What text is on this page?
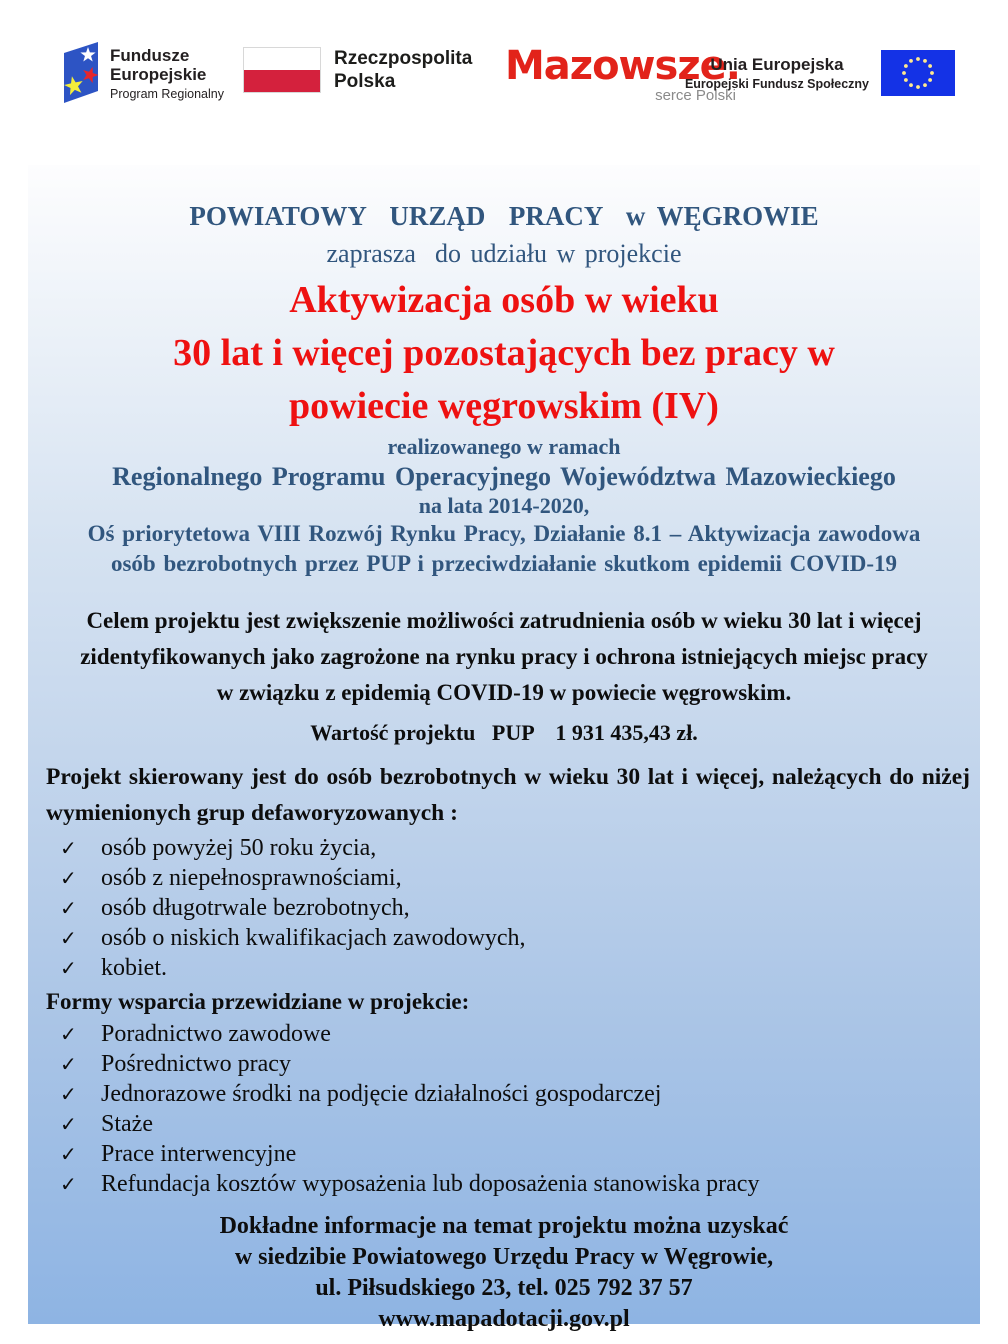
Fundusze
Europejskie
Program Regionalny
Rzeczpospolita
Polska	Mazowsze.
serce Polski
Unia Europejska
Europejski Fundusz Społeczny
POWIATOWY  URZĄD  PRACY  w WĘGROWIE
zaprasza  do udziału w projekcie
Aktywizacja osób w wieku
30 lat i więcej pozostających bez pracy w
powiecie węgrowskim (IV)
realizowanego w ramach
Regionalnego Programu Operacyjnego Województwa Mazowieckiego
na lata 2014-2020,
Oś priorytetowa VIII Rozwój Rynku Pracy, Działanie 8.1 – Aktywizacja zawodowa
osób bezrobotnych przez PUP i przeciwdziałanie skutkom epidemii COVID-19
Celem projektu jest zwiększenie możliwości zatrudnienia osób w wieku 30 lat i więcej
zidentyfikowanych jako zagrożone na rynku pracy i ochrona istniejących miejsc pracy
w związku z epidemią COVID-19 w powiecie węgrowskim.
Wartość projektu   PUP    1 931 435,43 zł.
Projekt skierowany jest do osób bezrobotnych w wieku 30 lat i więcej, należących do niżej wymienionych grup defaworyzowanych :
✓ osób powyżej 50 roku życia,
✓ osób z niepełnosprawnościami,
✓ osób długotrwale bezrobotnych,
✓ osób o niskich kwalifikacjach zawodowych,
✓ kobiet.
Formy wsparcia przewidziane w projekcie:
✓ Poradnictwo zawodowe
✓ Pośrednictwo pracy
✓ Jednorazowe środki na podjęcie działalności gospodarczej
✓ Staże
✓ Prace interwencyjne
✓ Refundacja kosztów wyposażenia lub doposażenia stanowiska pracy
Dokładne informacje na temat projektu można uzyskać
w siedzibie Powiatowego Urzędu Pracy w Węgrowie,
ul. Piłsudskiego 23, tel. 025 792 37 57
www.mapadotacji.gov.pl
